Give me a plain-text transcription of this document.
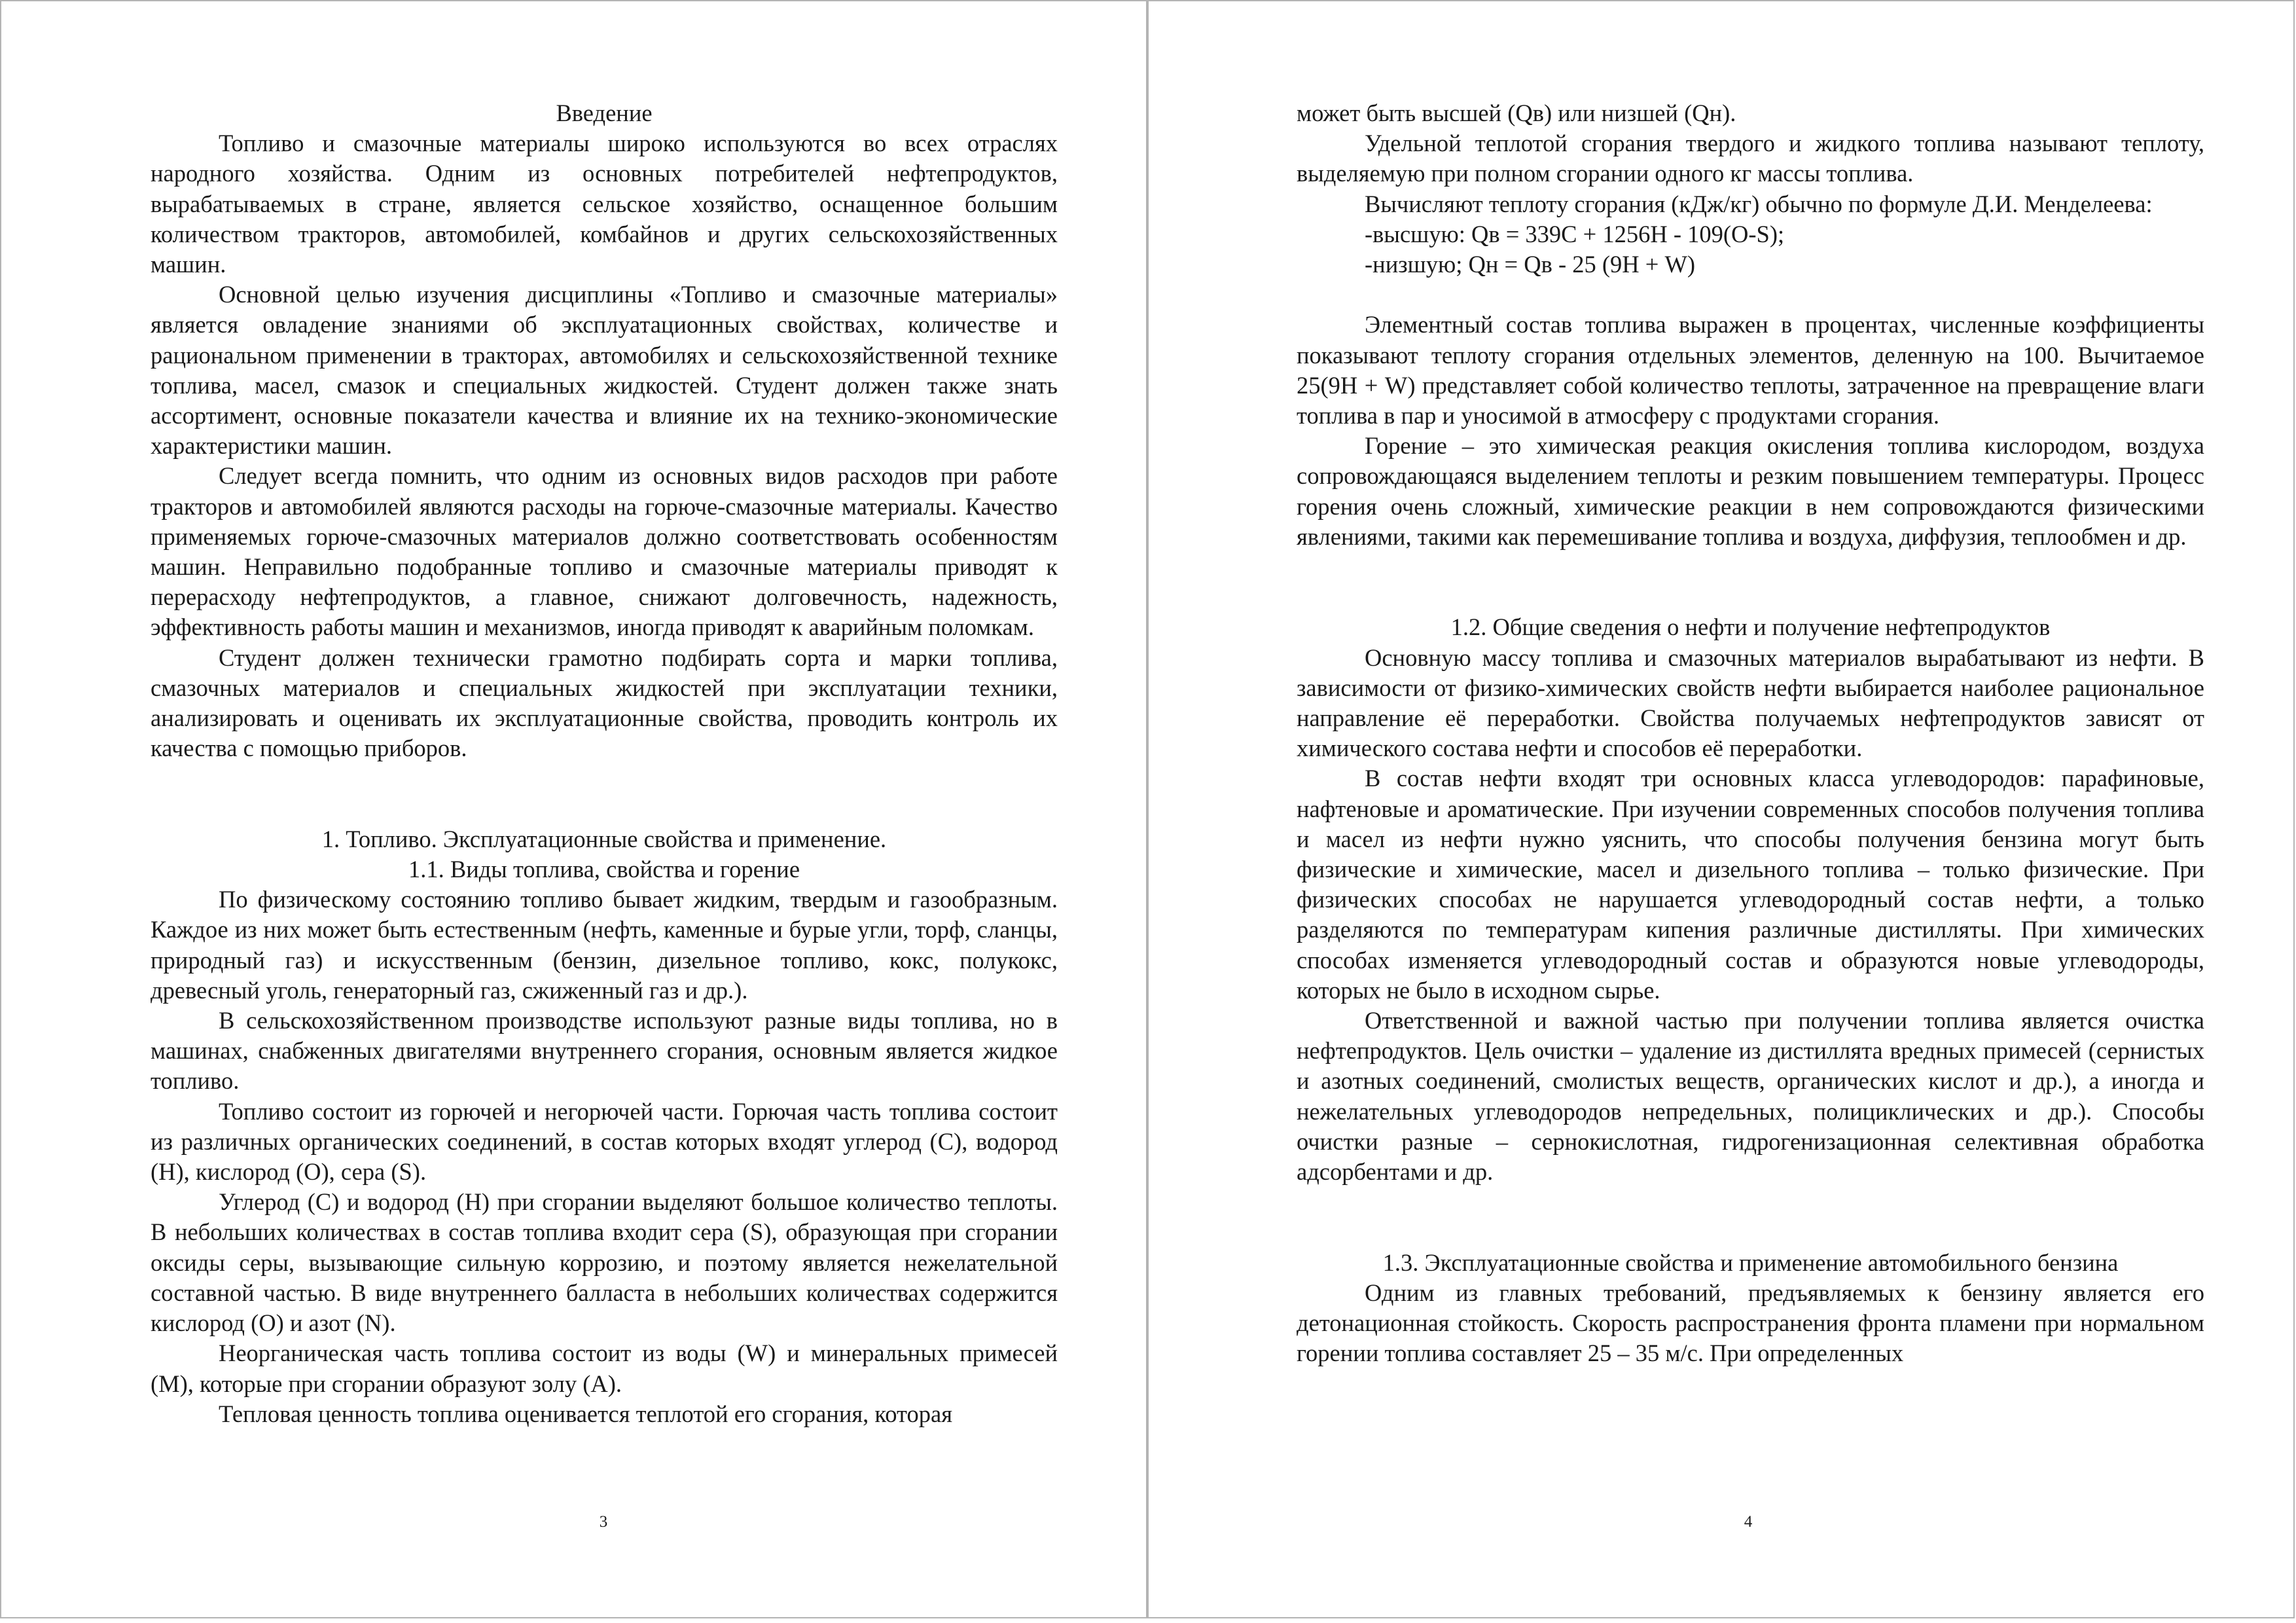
Введение

Топливо и смазочные материалы широко используются во всех отраслях народного хозяйства. Одним из основных потребителей нефтепродуктов, вырабатываемых в стране, является сельское хозяйство, оснащенное большим количеством тракторов, автомобилей, комбайнов и других сельскохозяйственных машин.

Основной целью изучения дисциплины «Топливо и смазочные материалы» является овладение знаниями об эксплуатационных свойствах, количестве и рациональном применении в тракторах, автомобилях и сельскохозяйственной технике топлива, масел, смазок и специальных жидкостей. Студент должен также знать ассортимент, основные показатели качества и влияние их на технико-экономические характеристики машин.

Следует всегда помнить, что одним из основных видов расходов при работе тракторов и автомобилей являются расходы на горюче-смазочные материалы. Качество применяемых горюче-смазочных материалов должно соответствовать особенностям машин. Неправильно подобранные топливо и смазочные материалы приводят к перерасходу нефтепродуктов, а главное, снижают долговечность, надежность, эффективность работы машин и механизмов, иногда приводят к аварийным поломкам.

Студент должен технически грамотно подбирать сорта и марки топлива, смазочных материалов и специальных жидкостей при эксплуатации техники, анализировать и оценивать их эксплуатационные свойства, проводить контроль их качества с помощью приборов.

1. Топливо. Эксплуатационные свойства и применение.
1.1. Виды топлива, свойства и горение

По физическому состоянию топливо бывает жидким, твердым и газообразным. Каждое из них может быть естественным (нефть, каменные и бурые угли, торф, сланцы, природный газ) и искусственным (бензин, дизельное топливо, кокс, полукокс, древесный уголь, генераторный газ, сжиженный газ и др.).

В сельскохозяйственном производстве используют разные виды топлива, но в машинах, снабженных двигателями внутреннего сгорания, основным является жидкое топливо.

Топливо состоит из горючей и негорючей части. Горючая часть топлива состоит из различных органических соединений, в состав которых входят углерод (С), водород (Н), кислород (О), сера (S).

Углерод (С) и водород (Н) при сгорании выделяют большое количество теплоты. В небольших количествах в состав топлива входит сера (S), образующая при сгорании оксиды серы, вызывающие сильную коррозию, и поэтому является нежелательной составной частью. В виде внутреннего балласта в небольших количествах содержится кислород (О) и азот (N).

Неорганическая часть топлива состоит из воды (W) и минеральных примесей (М), которые при сгорании образуют золу (А).

Тепловая ценность топлива оценивается теплотой его сгорания, которая

3

может быть высшей (Qв) или низшей (Qн).

Удельной теплотой сгорания твердого и жидкого топлива называют теплоту, выделяемую при полном сгорании одного кг массы топлива.

Вычисляют теплоту сгорания (кДж/кг) обычно по формуле Д.И. Менделеева:

-высшую: Qв = 339С + 1256Н - 109(О-S);

-низшую; Qн = Qв - 25 (9Н + W)

Элементный состав топлива выражен в процентах, численные коэффициенты показывают теплоту сгорания отдельных элементов, деленную на 100. Вычитаемое 25(9Н + W) представляет собой количество теплоты, затраченное на превращение влаги топлива в пар и уносимой в атмосферу с продуктами сгорания.

Горение – это химическая реакция окисления топлива кислородом, воздуха сопровождающаяся выделением теплоты и резким повышением температуры. Процесс горения очень сложный, химические реакции в нем сопровождаются физическими явлениями, такими как перемешивание топлива и воздуха, диффузия, теплообмен и др.

1.2. Общие сведения о нефти и получение нефтепродуктов

Основную массу топлива и смазочных материалов вырабатывают из нефти. В зависимости от физико-химических свойств нефти выбирается наиболее рациональное направление её переработки. Свойства получаемых нефтепродуктов зависят от химического состава нефти и способов её переработки.

В состав нефти входят три основных класса углеводородов: парафиновые, нафтеновые и ароматические. При изучении современных способов получения топлива и масел из нефти нужно уяснить, что способы получения бензина могут быть физические и химические, масел и дизельного топлива – только физические. При физических способах не нарушается углеводородный состав нефти, а только разделяются по температурам кипения различные дистилляты. При химических способах изменяется углеводородный состав и образуются новые углеводороды, которых не было в исходном сырье.

Ответственной и важной частью при получении топлива является очистка нефтепродуктов. Цель очистки – удаление из дистиллята вредных примесей (сернистых и азотных соединений, смолистых веществ, органических кислот и др.), а иногда и нежелательных углеводородов непредельных, полициклических и др.). Способы очистки разные – сернокислотная, гидрогенизационная селективная обработка адсорбентами и др.

1.3. Эксплуатационные свойства и применение автомобильного бензина

Одним из главных требований, предъявляемых к бензину является его детонационная стойкость. Скорость распространения фронта пламени при нормальном горении топлива составляет 25 – 35 м/с. При определенных

4
